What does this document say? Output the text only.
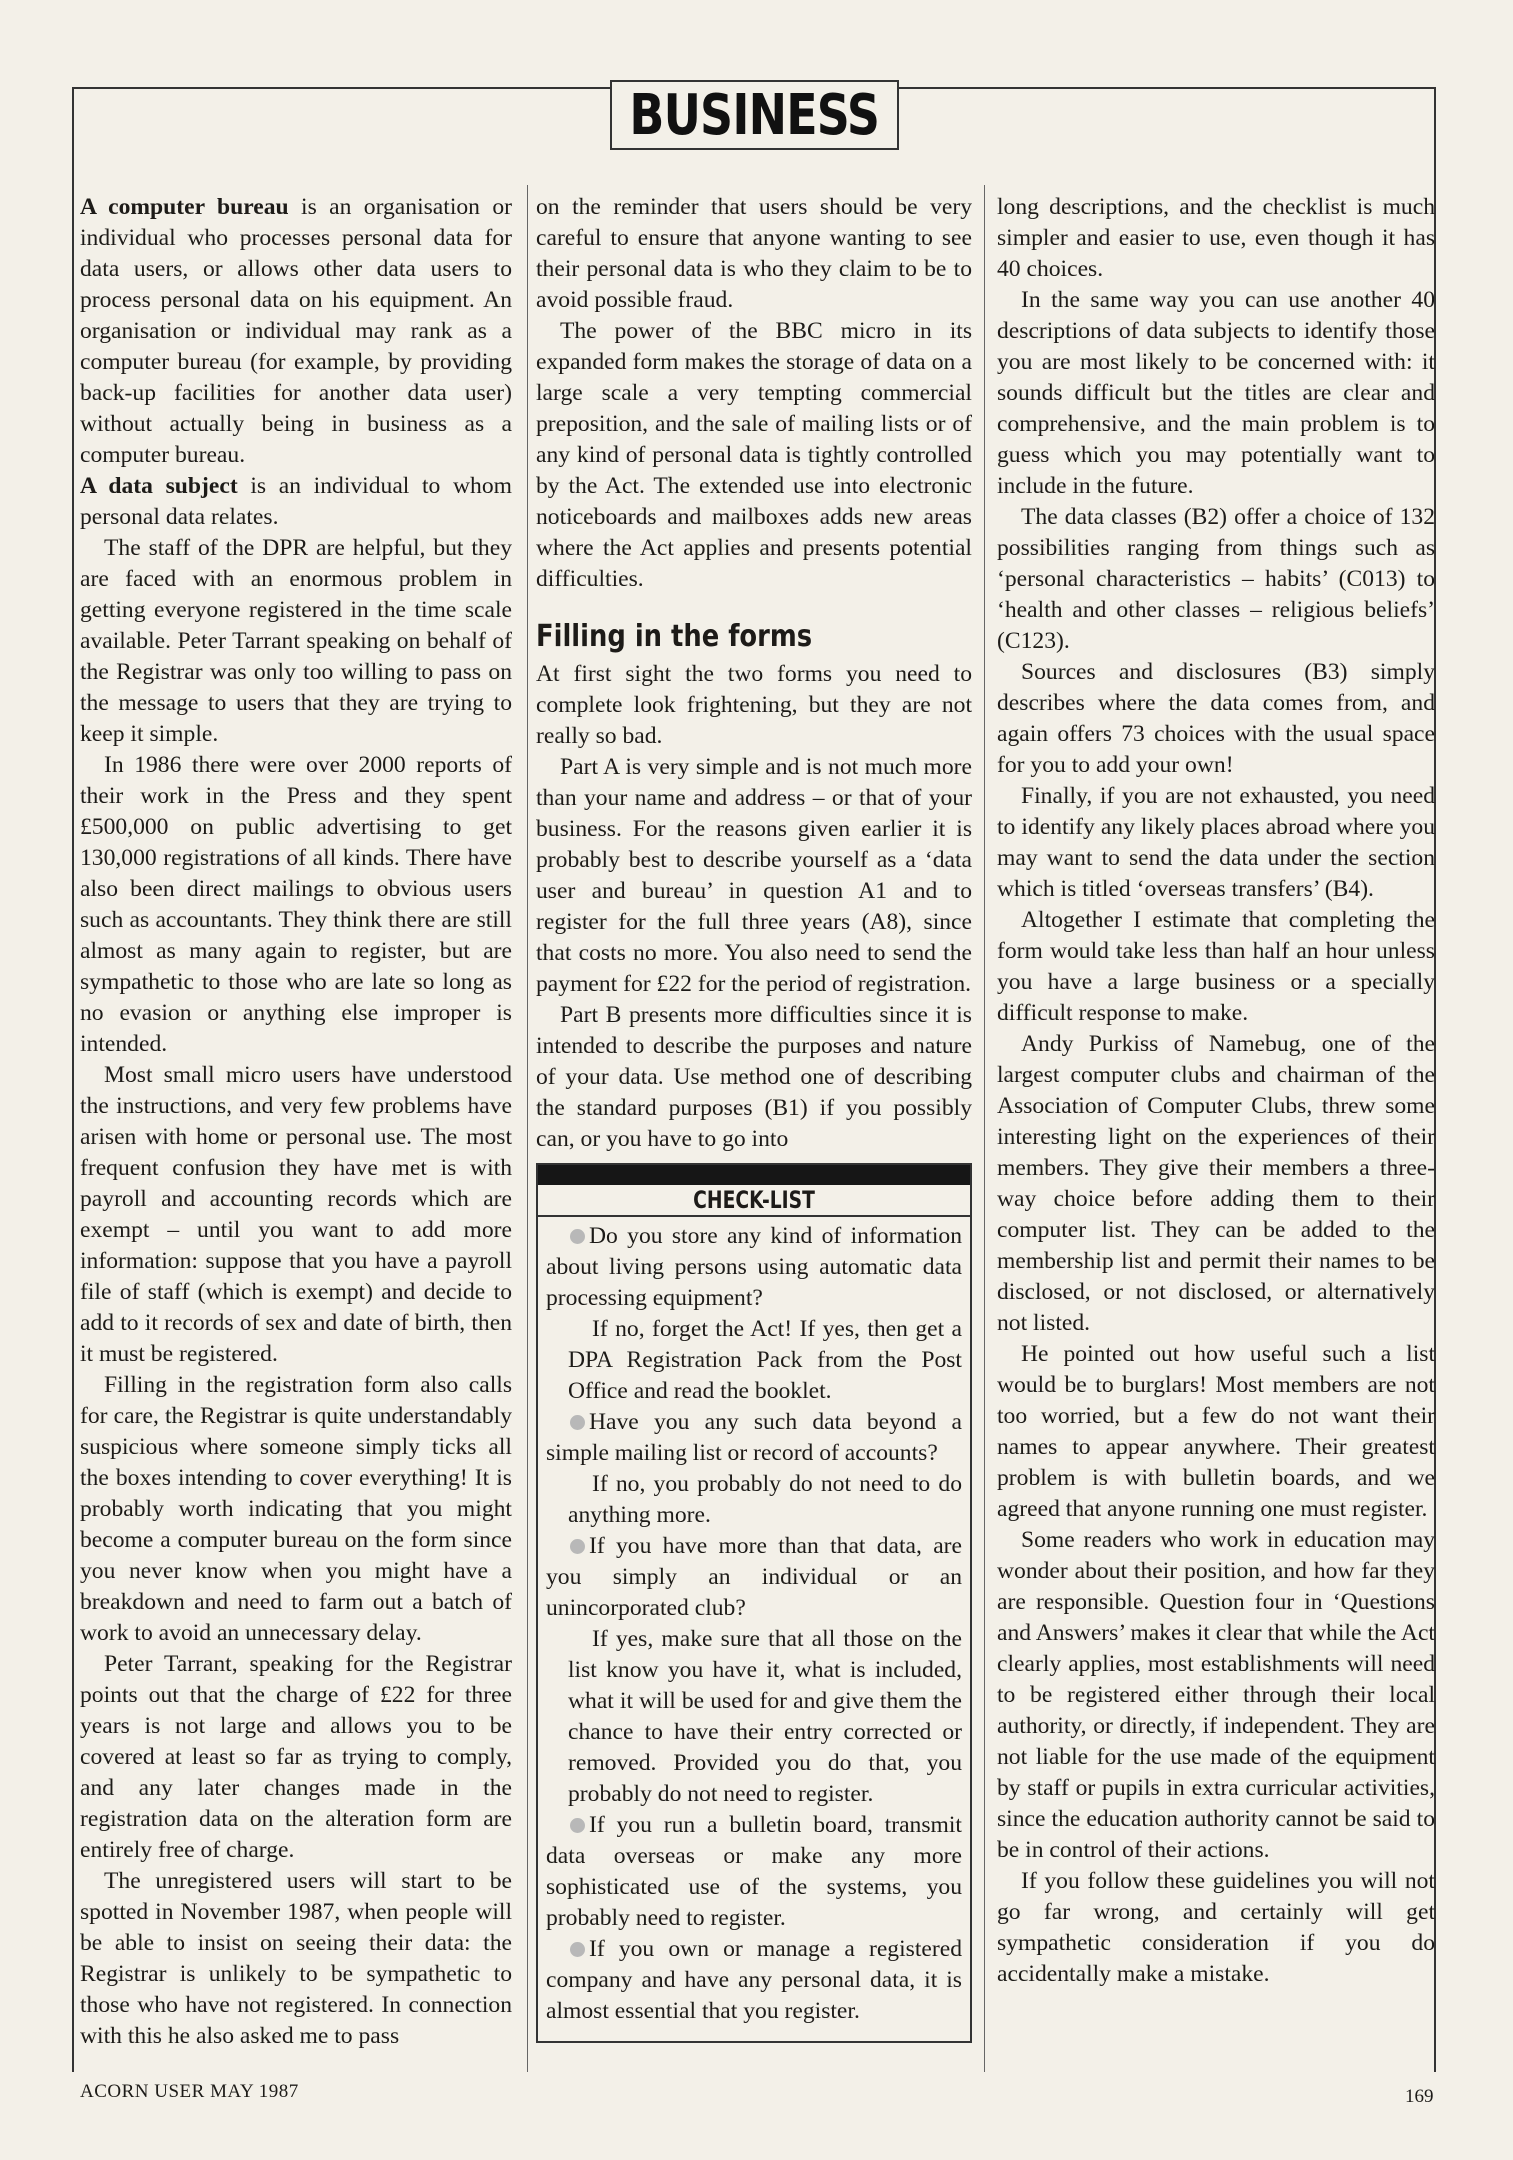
BUSINESS

A computer bureau is an organisation or individual who processes personal data for data users, or allows other data users to process personal data on his equipment. An organisation or individual may rank as a computer bureau (for example, by providing back-up facilities for another data user) without actually being in business as a computer bureau.

A data subject is an individual to whom personal data relates.

The staff of the DPR are helpful, but they are faced with an enormous problem in getting everyone registered in the time scale available. Peter Tarrant speaking on behalf of the Registrar was only too willing to pass on the message to users that they are trying to keep it simple.

In 1986 there were over 2000 reports of their work in the Press and they spent £500,000 on public advertising to get 130,000 registrations of all kinds. There have also been direct mailings to obvious users such as accountants. They think there are still almost as many again to register, but are sympathetic to those who are late so long as no evasion or anything else improper is intended.

Most small micro users have understood the instructions, and very few problems have arisen with home or personal use. The most frequent confusion they have met is with payroll and accounting records which are exempt – until you want to add more information: suppose that you have a payroll file of staff (which is exempt) and decide to add to it records of sex and date of birth, then it must be registered.

Filling in the registration form also calls for care, the Registrar is quite understandably suspicious where someone simply ticks all the boxes intending to cover everything! It is probably worth indicating that you might become a computer bureau on the form since you never know when you might have a breakdown and need to farm out a batch of work to avoid an unnecessary delay.

Peter Tarrant, speaking for the Registrar points out that the charge of £22 for three years is not large and allows you to be covered at least so far as trying to comply, and any later changes made in the registration data on the alteration form are entirely free of charge.

The unregistered users will start to be spotted in November 1987, when people will be able to insist on seeing their data: the Registrar is unlikely to be sympathetic to those who have not registered. In connection with this he also asked me to pass

on the reminder that users should be very careful to ensure that anyone wanting to see their personal data is who they claim to be to avoid possible fraud.

The power of the BBC micro in its expanded form makes the storage of data on a large scale a very tempting commercial preposition, and the sale of mailing lists or of any kind of personal data is tightly controlled by the Act. The extended use into electronic noticeboards and mailboxes adds new areas where the Act applies and presents potential difficulties.

Filling in the forms

At first sight the two forms you need to complete look frightening, but they are not really so bad.

Part A is very simple and is not much more than your name and address – or that of your business. For the reasons given earlier it is probably best to describe yourself as a ‘data user and bureau’ in question A1 and to register for the full three years (A8), since that costs no more. You also need to send the payment for £22 for the period of registration.

Part B presents more difficulties since it is intended to describe the purposes and nature of your data. Use method one of describing the standard purposes (B1) if you possibly can, or you have to go into

CHECK-LIST

Do you store any kind of information about living persons using automatic data processing equipment?

If no, forget the Act! If yes, then get a DPA Registration Pack from the Post Office and read the booklet.

Have you any such data beyond a simple mailing list or record of accounts?

If no, you probably do not need to do anything more.

If you have more than that data, are you simply an individual or an unincorporated club?

If yes, make sure that all those on the list know you have it, what is included, what it will be used for and give them the chance to have their entry corrected or removed. Provided you do that, you probably do not need to register.

If you run a bulletin board, transmit data overseas or make any more sophisticated use of the systems, you probably need to register.

If you own or manage a registered company and have any personal data, it is almost essential that you register.

long descriptions, and the checklist is much simpler and easier to use, even though it has 40 choices.

In the same way you can use another 40 descriptions of data subjects to identify those you are most likely to be concerned with: it sounds difficult but the titles are clear and comprehensive, and the main problem is to guess which you may potentially want to include in the future.

The data classes (B2) offer a choice of 132 possibilities ranging from things such as ‘personal characteristics – habits’ (C013) to ‘health and other classes – religious beliefs’ (C123).

Sources and disclosures (B3) simply describes where the data comes from, and again offers 73 choices with the usual space for you to add your own!

Finally, if you are not exhausted, you need to identify any likely places abroad where you may want to send the data under the section which is titled ‘overseas transfers’ (B4).

Altogether I estimate that completing the form would take less than half an hour unless you have a large business or a specially difficult response to make.

Andy Purkiss of Namebug, one of the largest computer clubs and chairman of the Association of Computer Clubs, threw some interesting light on the experiences of their members. They give their members a three-way choice before adding them to their computer list. They can be added to the membership list and permit their names to be disclosed, or not disclosed, or alternatively not listed.

He pointed out how useful such a list would be to burglars! Most members are not too worried, but a few do not want their names to appear anywhere. Their greatest problem is with bulletin boards, and we agreed that anyone running one must register.

Some readers who work in education may wonder about their position, and how far they are responsible. Question four in ‘Questions and Answers’ makes it clear that while the Act clearly applies, most establishments will need to be registered either through their local authority, or directly, if independent. They are not liable for the use made of the equipment by staff or pupils in extra curricular activities, since the education authority cannot be said to be in control of their actions.

If you follow these guidelines you will not go far wrong, and certainly will get sympathetic consideration if you do accidentally make a mistake.

ACORN USER MAY 1987	169
